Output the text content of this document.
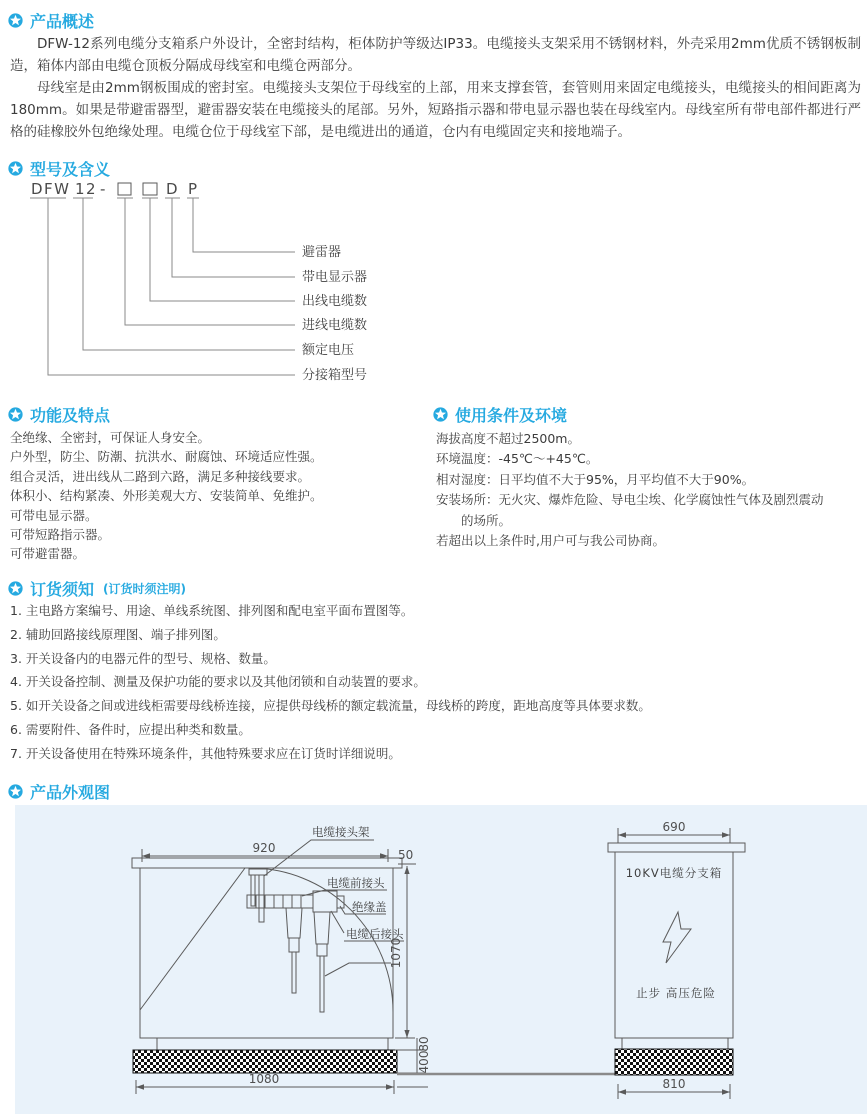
产品概述

DFW-12系列电缆分支箱系户外设计，全密封结构，柜体防护等级达IP33。电缆接头支架采用不锈钢材料，外壳采用2mm优质不锈钢板制造，箱体内部由电缆仓顶板分隔成母线室和电缆仓两部分。

母线室是由2mm钢板围成的密封室。电缆接头支架位于母线室的上部，用来支撑套管，套管则用来固定电缆接头，电缆接头的相间距离为180mm。如果是带避雷器型，避雷器安装在电缆接头的尾部。另外，短路指示器和带电显示器也装在母线室内。母线室所有带电部件都进行严格的硅橡胶外包绝缘处理。电缆仓位于母线室下部，是电缆进出的通道，仓内有电缆固定夹和接地端子。

型号及含义
DFW 12 -	D P
避雷器
带电显示器
出线电缆数
进线电缆数
额定电压
分接箱型号
功能及特点
全绝缘、全密封，可保证人身安全。
户外型，防尘、防潮、抗洪水、耐腐蚀、环境适应性强。
组合灵活，进出线从二路到六路，满足多种接线要求。
体积小、结构紧凑、外形美观大方、安装简单、免维护。
可带电显示器。
可带短路指示器。
可带避雷器。
使用条件及环境
海拔高度不超过2500m。
环境温度：-45℃～+45℃。
相对湿度：日平均值不大于95%，月平均值不大于90%。
安装场所：无火灾、爆炸危险、导电尘埃、化学腐蚀性气体及剧烈震动
的场所。
若超出以上条件时,用户可与我公司协商。
订货须知 (订货时须注明)
1. 主电路方案编号、用途、单线系统图、排列图和配电室平面布置图等。
2. 辅助回路接线原理图、端子排列图。
3. 开关设备内的电器元件的型号、规格、数量。
4. 开关设备控制、测量及保护功能的要求以及其他闭锁和自动装置的要求。
5. 如开关设备之间或进线柜需要母线桥连接，应提供母线桥的额定载流量，母线桥的跨度，距地高度等具体要求数。
6. 需要附件、备件时，应提出种类和数量。
7. 开关设备使用在特殊环境条件，其他特殊要求应在订货时详细说明。
产品外观图
电缆接头架
电缆前接头
绝缘盖
电缆后接头
920	50
1070
80
400
1080
10KV电缆分支箱
止步 高压危险
690
810
